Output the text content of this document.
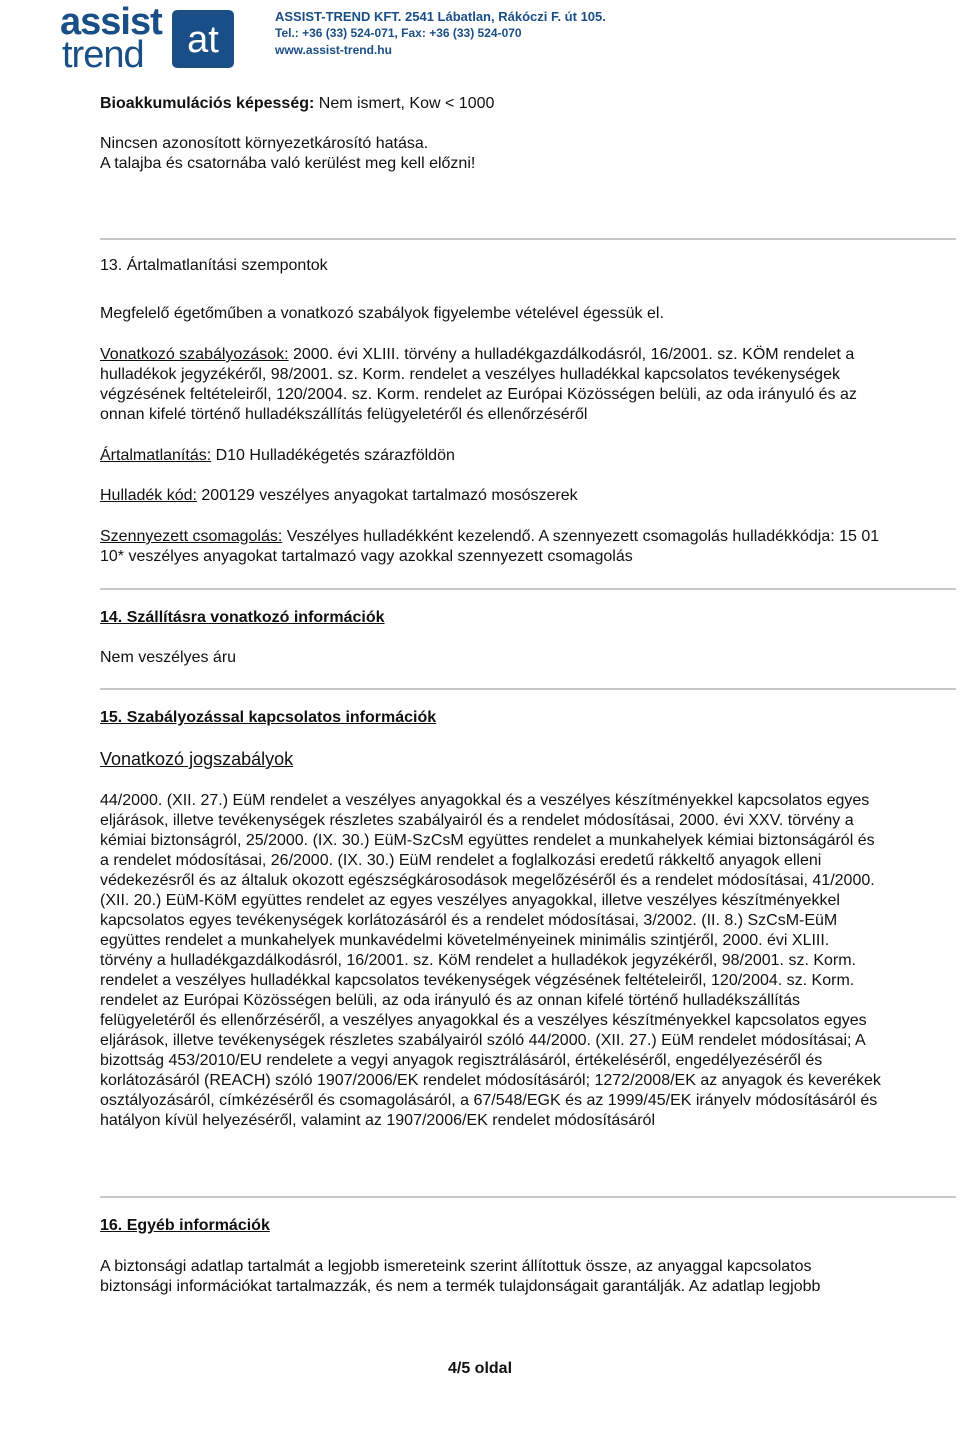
assist
trend at
ASSIST-TREND KFT. 2541 Lábatlan, Rákóczi F. út 105.
Tel.: +36 (33) 524-071, Fax: +36 (33) 524-070
www.assist-trend.hu
Bioakkumulációs képesség: Nem ismert, Kow < 1000
Nincsen azonosított környezetkárosító hatása.
A talajba és csatornába való kerülést meg kell előzni!
13. Ártalmatlanítási szempontok
Megfelelő égetőműben a vonatkozó szabályok figyelembe vételével égessük el.
Vonatkozó szabályozások: 2000. évi XLIII. törvény a hulladékgazdálkodásról, 16/2001. sz. KÖM rendelet a
hulladékok jegyzékéről, 98/2001. sz. Korm. rendelet a veszélyes hulladékkal kapcsolatos tevékenységek
végzésének feltételeiről, 120/2004. sz. Korm. rendelet az Európai Közösségen belüli, az oda irányuló és az
onnan kifelé történő hulladékszállítás felügyeletéről és ellenőrzéséről
Ártalmatlanítás: D10 Hulladékégetés szárazföldön
Hulladék kód: 200129 veszélyes anyagokat tartalmazó mosószerek
Szennyezett csomagolás: Veszélyes hulladékként kezelendő. A szennyezett csomagolás hulladékkódja: 15 01
10* veszélyes anyagokat tartalmazó vagy azokkal szennyezett csomagolás
14. Szállításra vonatkozó információk
Nem veszélyes áru
15. Szabályozással kapcsolatos információk
Vonatkozó jogszabályok
44/2000. (XII. 27.) EüM rendelet a veszélyes anyagokkal és a veszélyes készítményekkel kapcsolatos egyes
eljárások, illetve tevékenységek részletes szabályairól és a rendelet módosításai, 2000. évi XXV. törvény a
kémiai biztonságról, 25/2000. (IX. 30.) EüM-SzCsM együttes rendelet a munkahelyek kémiai biztonságáról és
a rendelet módosításai, 26/2000. (IX. 30.) EüM rendelet a foglalkozási eredetű rákkeltő anyagok elleni
védekezésről és az általuk okozott egészségkárosodások megelőzéséről és a rendelet módosításai, 41/2000.
(XII. 20.) EüM-KöM együttes rendelet az egyes veszélyes anyagokkal, illetve veszélyes készítményekkel
kapcsolatos egyes tevékenységek korlátozásáról és a rendelet módosításai, 3/2002. (II. 8.) SzCsM-EüM
együttes rendelet a munkahelyek munkavédelmi követelményeinek minimális szintjéről, 2000. évi XLIII.
törvény a hulladékgazdálkodásról, 16/2001. sz. KöM rendelet a hulladékok jegyzékéről, 98/2001. sz. Korm.
rendelet a veszélyes hulladékkal kapcsolatos tevékenységek végzésének feltételeiről, 120/2004. sz. Korm.
rendelet az Európai Közösségen belüli, az oda irányuló és az onnan kifelé történő hulladékszállítás
felügyeletéről és ellenőrzéséről, a veszélyes anyagokkal és a veszélyes készítményekkel kapcsolatos egyes
eljárások, illetve tevékenységek részletes szabályairól szóló 44/2000. (XII. 27.) EüM rendelet módosításai; A
bizottság 453/2010/EU rendelete a vegyi anyagok regisztrálásáról, értékeléséről, engedélyezéséről és
korlátozásáról (REACH) szóló 1907/2006/EK rendelet módosításáról; 1272/2008/EK az anyagok és keverékek
osztályozásáról, címkézéséről és csomagolásáról, a 67/548/EGK és az 1999/45/EK irányelv módosításáról és
hatályon kívül helyezéséről, valamint az 1907/2006/EK rendelet módosításáról
16. Egyéb információk
A biztonsági adatlap tartalmát a legjobb ismereteink szerint állítottuk össze, az anyaggal kapcsolatos
biztonsági információkat tartalmazzák, és nem a termék tulajdonságait garantálják. Az adatlap legjobb
4/5 oldal
